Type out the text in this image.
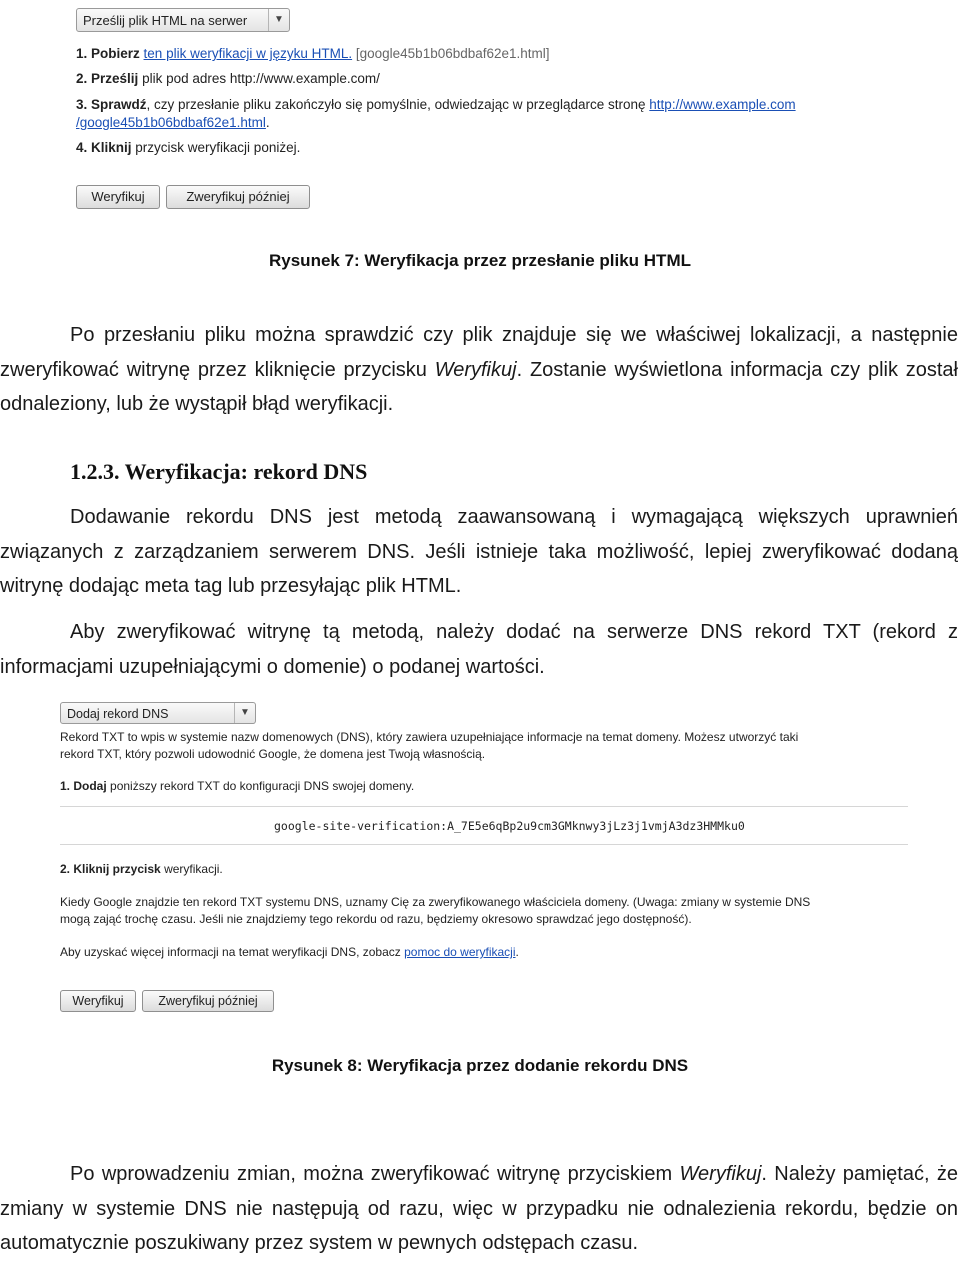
Prześlij plik HTML na serwer	▼
1. Pobierz ten plik weryfikacji w języku HTML. [google45b1b06bdbaf62e1.html]
2. Prześlij plik pod adres http://www.example.com/
3. Sprawdź, czy przesłanie pliku zakończyło się pomyślnie, odwiedzając w przeglądarce stronę http://www.example.com
/google45b1b06bdbaf62e1.html.
4. Kliknij przycisk weryfikacji poniżej.
Weryfikuj	Zweryfikuj później
Rysunek 7: Weryfikacja przez przesłanie pliku HTML
Po przesłaniu pliku można sprawdzić czy plik znajduje się we właściwej lokalizacji, a następnie zweryfikować witrynę przez kliknięcie przycisku Weryfikuj. Zostanie wyświetlona informacja czy plik został odnaleziony, lub że wystąpił błąd weryfikacji.
1.2.3. Weryfikacja: rekord DNS
Dodawanie rekordu DNS jest metodą zaawansowaną i wymagającą większych uprawnień związanych z zarządzaniem serwerem DNS. Jeśli istnieje taka możliwość, lepiej zweryfikować dodaną witrynę dodając meta tag lub przesyłając plik HTML.
Aby zweryfikować witrynę tą metodą, należy dodać na serwerze DNS rekord TXT (rekord z informacjami uzupełniającymi o domenie) o podanej wartości.
Dodaj rekord DNS	▼
Rekord TXT to wpis w systemie nazw domenowych (DNS), który zawiera uzupełniające informacje na temat domeny. Możesz utworzyć taki
rekord TXT, który pozwoli udowodnić Google, że domena jest Twoją własnością.
1. Dodaj poniższy rekord TXT do konfiguracji DNS swojej domeny.
google-site-verification:A_7E5e6qBp2u9cm3GMknwy3jLz3j1vmjA3dz3HMMku0
2. Kliknij przycisk weryfikacji.
Kiedy Google znajdzie ten rekord TXT systemu DNS, uznamy Cię za zweryfikowanego właściciela domeny. (Uwaga: zmiany w systemie DNS
mogą zająć trochę czasu. Jeśli nie znajdziemy tego rekordu od razu, będziemy okresowo sprawdzać jego dostępność).
Aby uzyskać więcej informacji na temat weryfikacji DNS, zobacz pomoc do weryfikacji.
Weryfikuj	Zweryfikuj później
Rysunek 8: Weryfikacja przez dodanie rekordu DNS
Po wprowadzeniu zmian, można zweryfikować witrynę przyciskiem Weryfikuj. Należy pamiętać, że zmiany w systemie DNS nie następują od razu, więc w przypadku nie odnalezienia rekordu, będzie on automatycznie poszukiwany przez system w pewnych odstępach czasu.
